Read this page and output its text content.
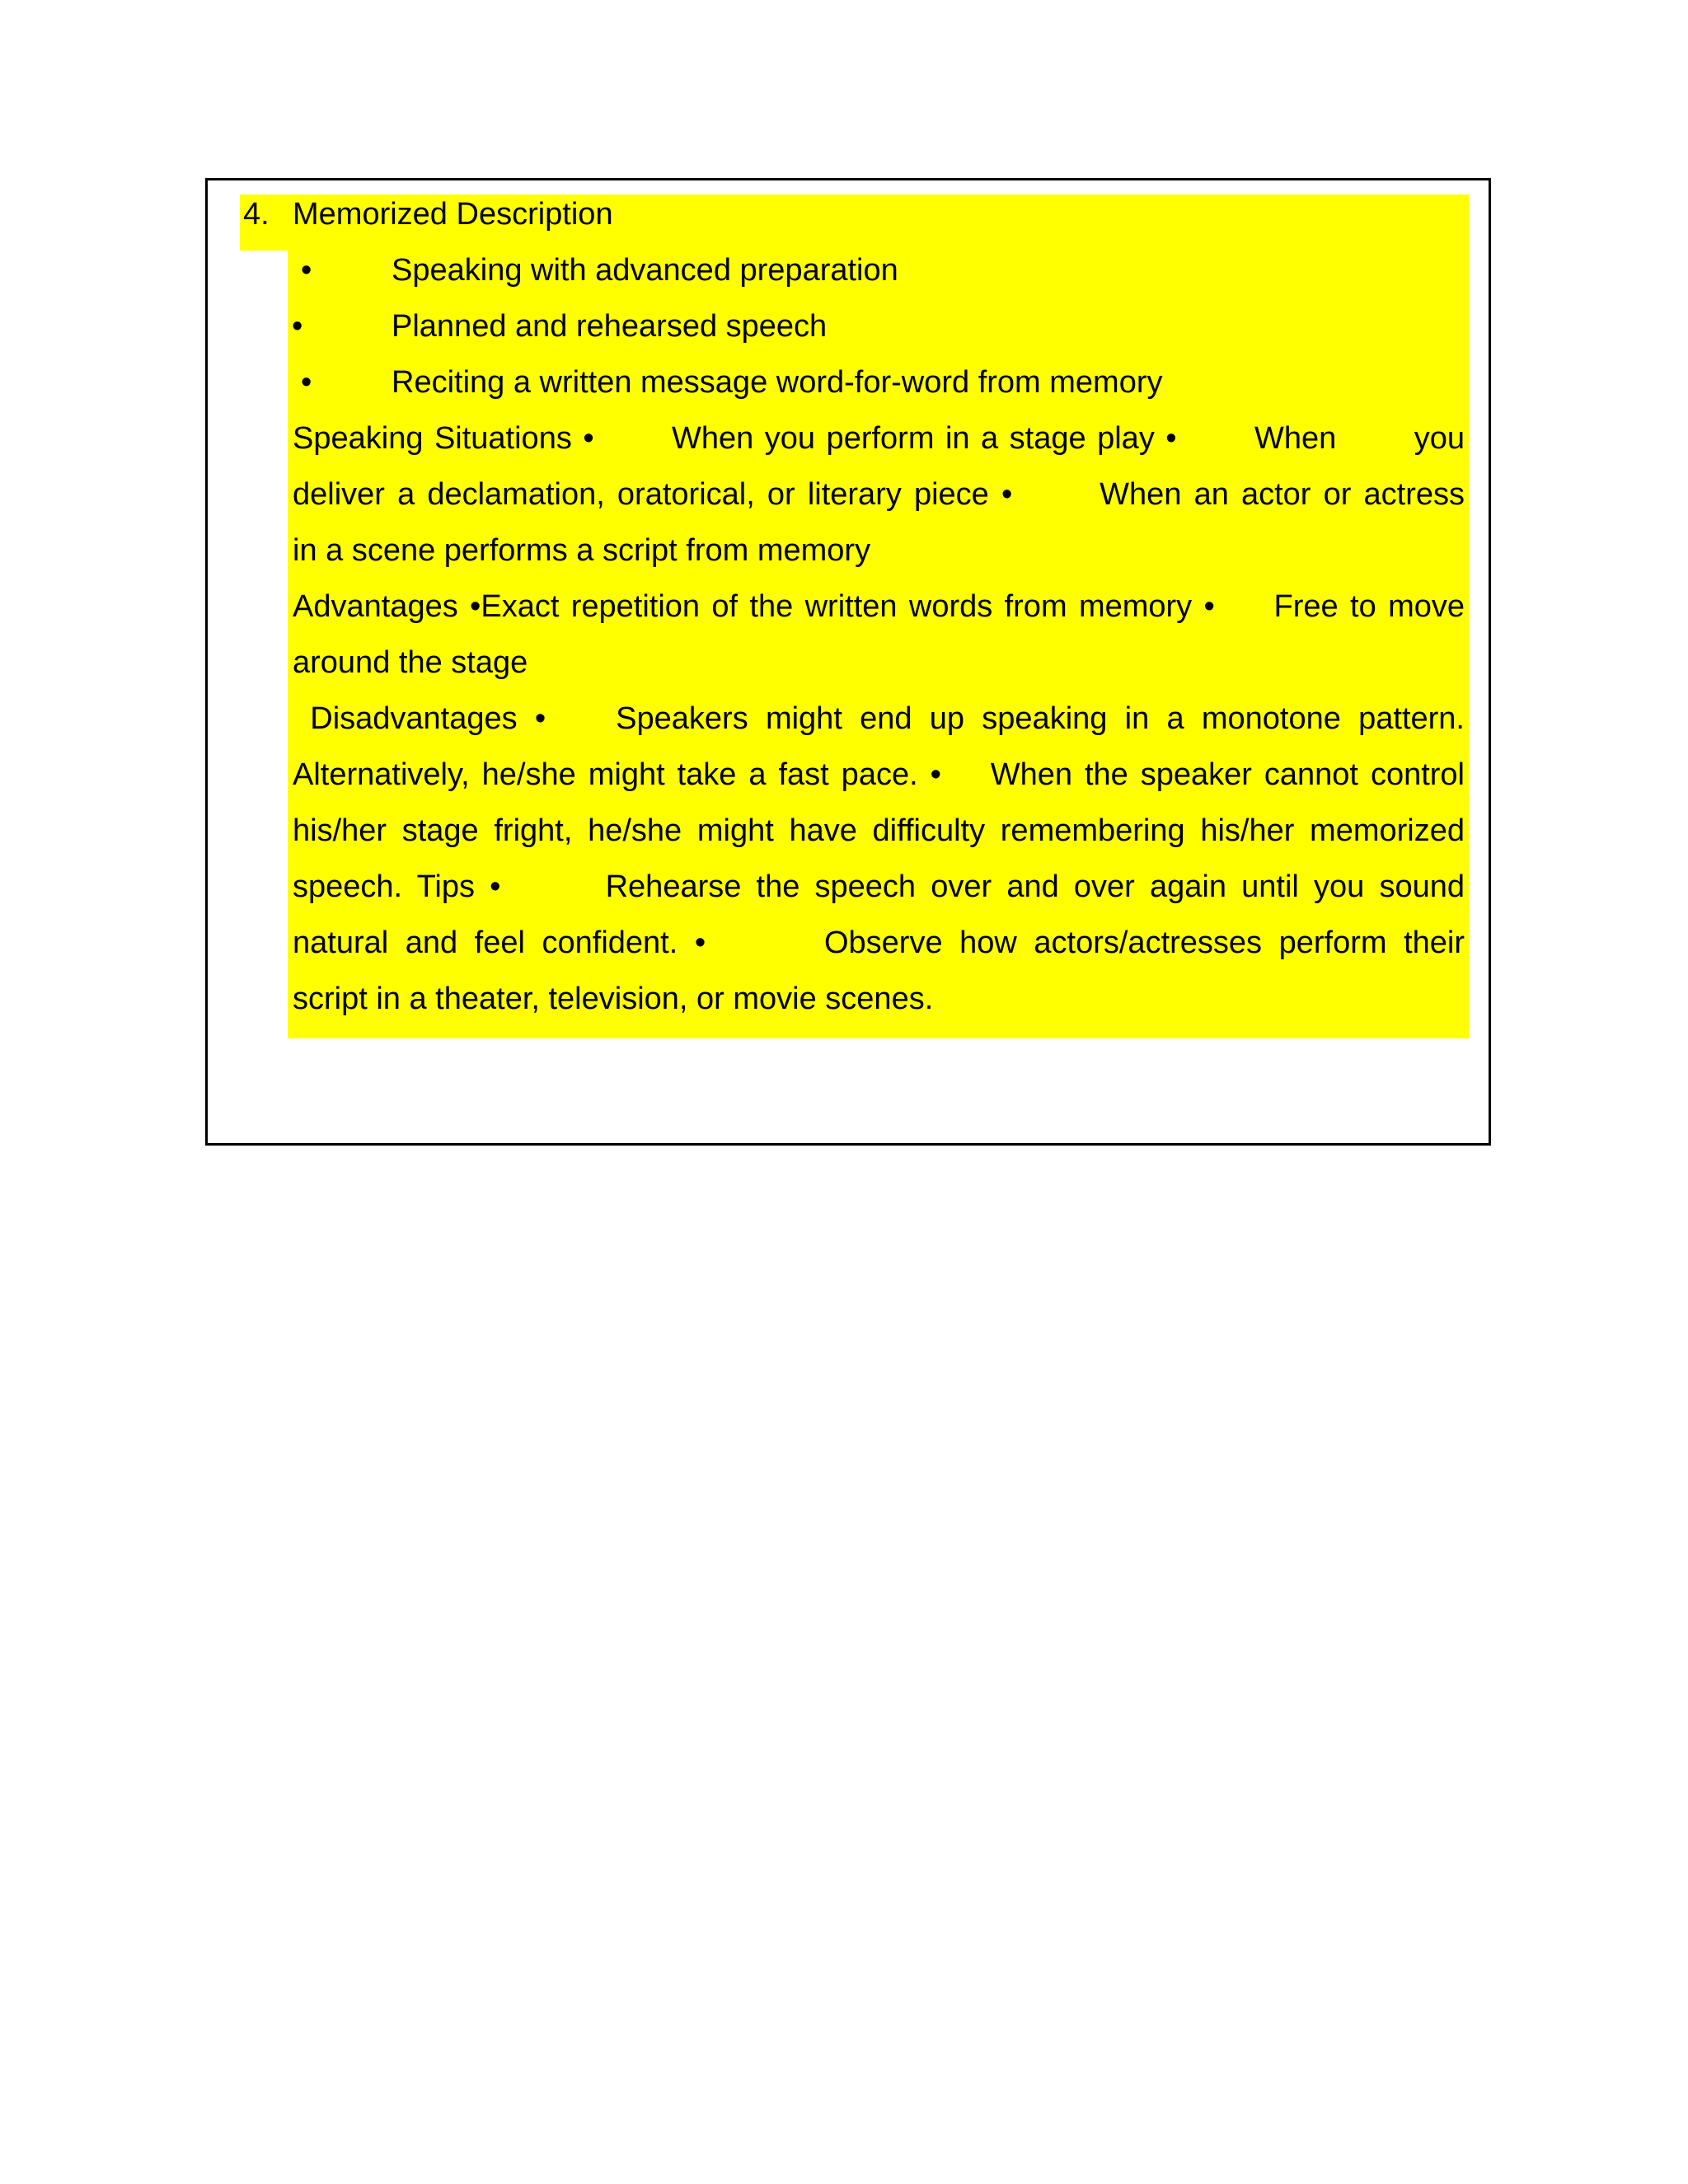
4. Memorized Description
•	Speaking with advanced preparation
•	Planned and rehearsed speech
•	Reciting a written message word-for-word from memory
Speaking Situations •       When you perform in a stage play •       When       you
deliver a declamation, oratorical, or literary piece •       When an actor or actress
in a scene performs a script from memory
Advantages •Exact repetition of the written words from memory •     Free to move
around the stage
Disadvantages •    Speakers might end up speaking in a monotone pattern.
Alternatively, he/she might take a fast pace. •    When the speaker cannot control
his/her stage fright, he/she might have difficulty remembering his/her memorized
speech. Tips •       Rehearse the speech over and over again until you sound
natural and feel confident. •       Observe how actors/actresses perform their
script in a theater, television, or movie scenes.
